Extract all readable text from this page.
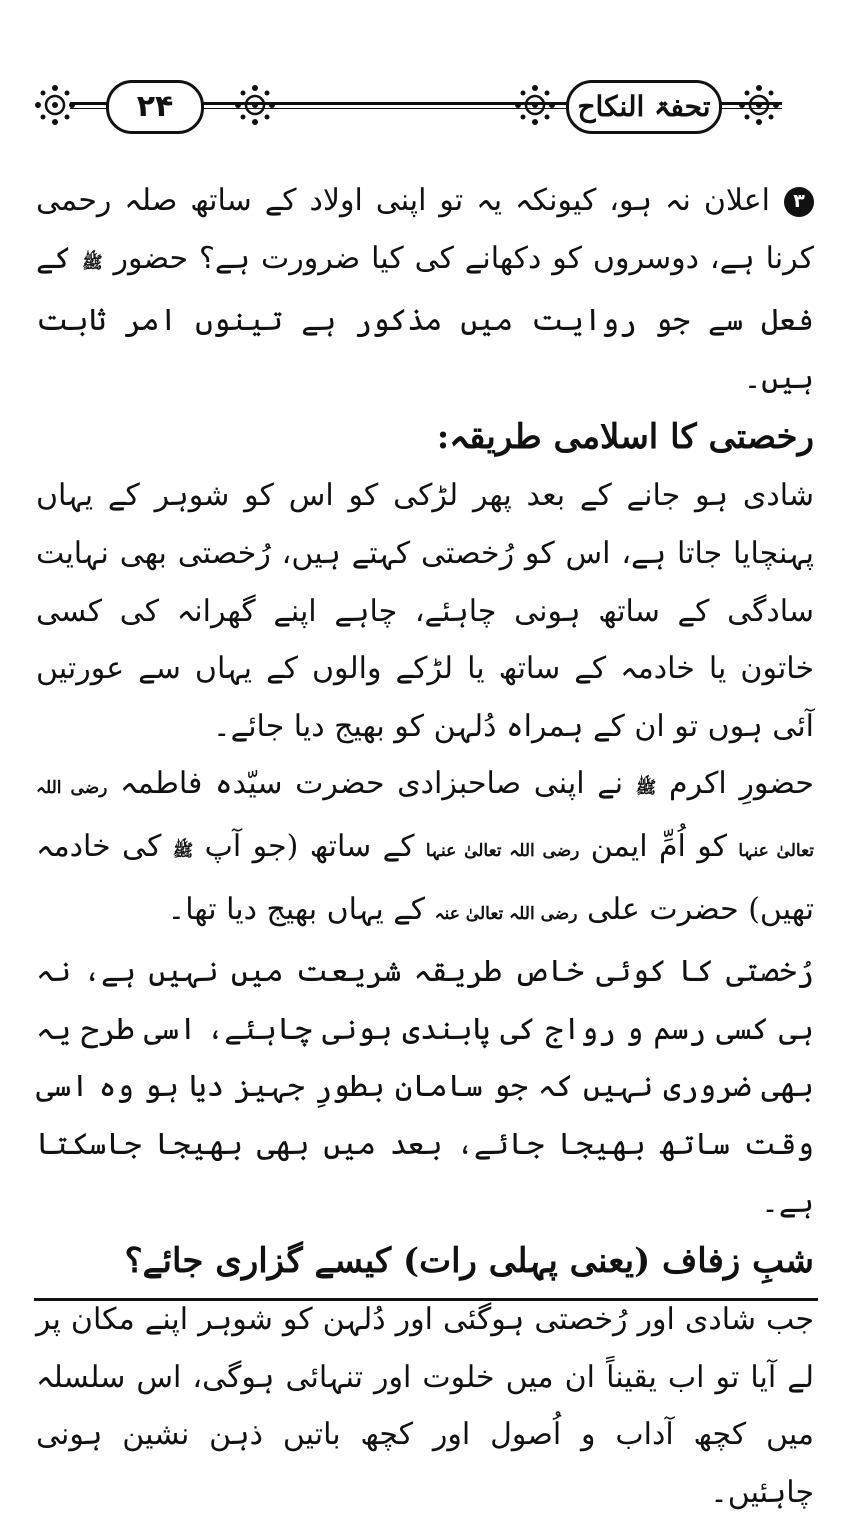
۲۴	تحفۃ النکاح

۳اعلان نہ ہو، کیونکہ یہ تو اپنی اولاد کے ساتھ صلہ رحمی کرنا ہے، دوسروں کو دکھانے کی کیا ضرورت ہے؟ حضور ﷺ کے فعل سے جو روایت میں مذکور ہے تینوں امر ثابت ہیں۔

رخصتی کا اسلامی طریقہ:

شادی ہو جانے کے بعد پھر لڑکی کو اس کو شوہر کے یہاں پہنچایا جاتا ہے، اس کو رُخصتی کہتے ہیں، رُخصتی بھی نہایت سادگی کے ساتھ ہونی چاہئے، چاہے اپنے گھرانہ کی کسی خاتون یا خادمہ کے ساتھ یا لڑکے والوں کے یہاں سے عورتیں آئی ہوں تو ان کے ہمراہ دُلہن کو بھیج دیا جائے۔

حضورِ اکرم ﷺ نے اپنی صاحبزادی حضرت سیّدہ فاطمہ رضی اللہ تعالیٰ عنہا کو اُمِّ ایمن رضی اللہ تعالیٰ عنہا کے ساتھ (جو آپ ﷺ کی خادمہ تھیں) حضرت علی رضی اللہ تعالیٰ عنہ کے یہاں بھیج دیا تھا۔

رُخصتی کا کوئی خاص طریقہ شریعت میں نہیں ہے، نہ ہی کسی رسم و رواج کی پابندی ہونی چاہئے، اسی طرح یہ بھی ضروری نہیں کہ جو سامان بطورِ جہیز دیا ہو وہ اسی وقت ساتھ بھیجا جائے، بعد میں بھی بھیجا جاسکتا ہے۔

شبِ زفاف (یعنی پہلی رات) کیسے گزاری جائے؟

جب شادی اور رُخصتی ہوگئی اور دُلہن کو شوہر اپنے مکان پر لے آیا تو اب یقیناً ان میں خلوت اور تنہائی ہوگی، اس سلسلہ میں کچھ آداب و اُصول اور کچھ باتیں ذہن نشین ہونی چاہئیں۔
